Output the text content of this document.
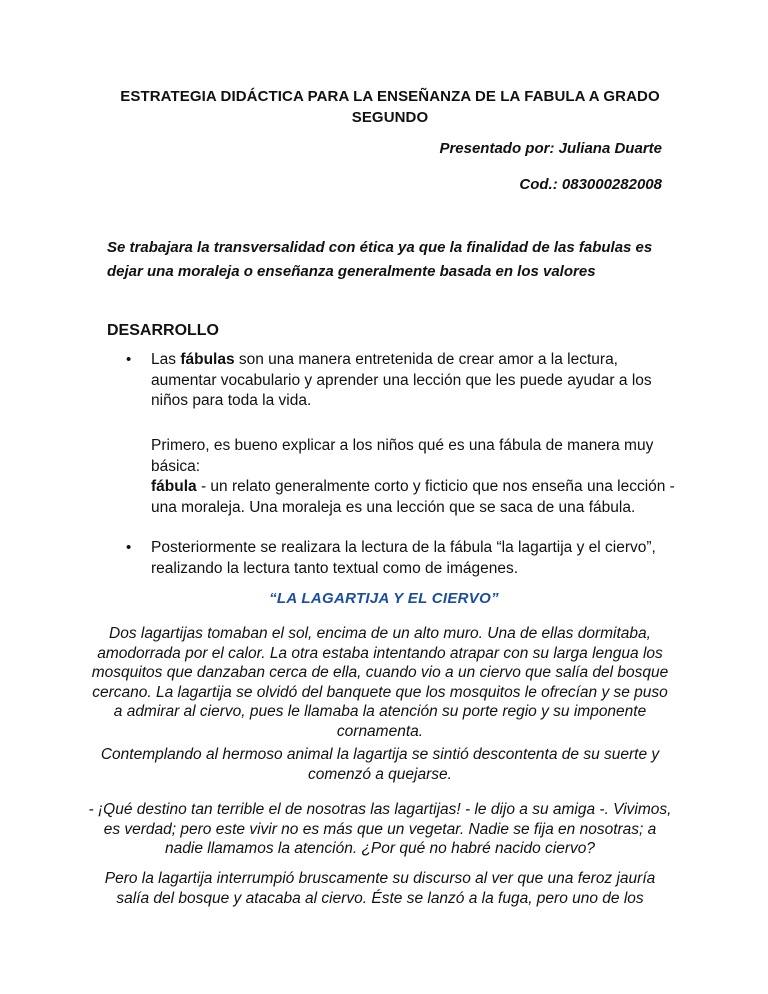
ESTRATEGIA DIDÁCTICA PARA LA ENSEÑANZA DE LA FABULA A GRADO SEGUNDO
Presentado por: Juliana Duarte
Cod.: 083000282008
Se trabajara la transversalidad con ética ya que la finalidad de las fabulas es dejar una moraleja o enseñanza generalmente basada en los valores
DESARROLLO
• Las fábulas son una manera entretenida de crear amor a la lectura, aumentar vocabulario y aprender una lección que les puede ayudar a los niños para toda la vida.
Primero, es bueno explicar a los niños qué es una fábula de manera muy básica:
fábula - un relato generalmente corto y ficticio que nos enseña una lección - una moraleja. Una moraleja es una lección que se saca de una fábula.
• Posteriormente se realizara la lectura de la fábula “la lagartija y el ciervo”, realizando la lectura tanto textual como de imágenes.
“LA LAGARTIJA Y EL CIERVO”
Dos lagartijas tomaban el sol, encima de un alto muro. Una de ellas dormitaba, amodorrada por el calor. La otra estaba intentando atrapar con su larga lengua los mosquitos que danzaban cerca de ella, cuando vio a un ciervo que salía del bosque cercano. La lagartija se olvidó del banquete que los mosquitos le ofrecían y se puso a admirar al ciervo, pues le llamaba la atención su porte regio y su imponente cornamenta.
Contemplando al hermoso animal la lagartija se sintió descontenta de su suerte y comenzó a quejarse.
- ¡Qué destino tan terrible el de nosotras las lagartijas! - le dijo a su amiga -. Vivimos, es verdad; pero este vivir no es más que un vegetar. Nadie se fija en nosotras; a nadie llamamos la atención. ¿Por qué no habré nacido ciervo?
Pero la lagartija interrumpió bruscamente su discurso al ver que una feroz jauría salía del bosque y atacaba al ciervo. Éste se lanzó a la fuga, pero uno de los
